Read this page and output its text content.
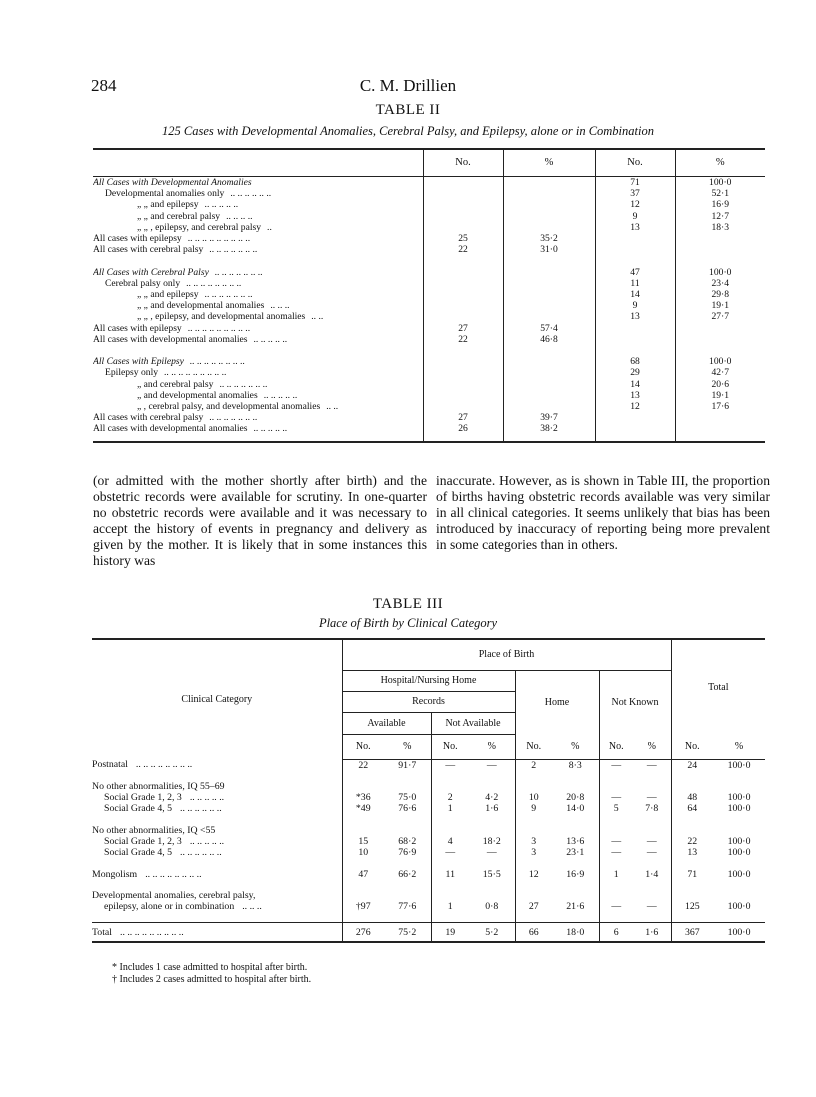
284	C. M. Drillien
TABLE II
125 Cases with Developmental Anomalies, Cerebral Palsy, and Epilepsy, alone or in Combination
	No.	%	No.	%
All Cases with Developmental Anomalies			71	100·0
Developmental anomalies only .. .. .. .. .. ..			37	52·1
„ „ and epilepsy .. .. .. .. ..			12	16·9
„ „ and cerebral palsy .. .. .. ..			9	12·7
„ „ , epilepsy, and cerebral palsy ..			13	18·3
All cases with epilepsy .. .. .. .. .. .. .. .. ..	25	35·2		
All cases with cerebral palsy .. .. .. .. .. .. ..	22	31·0		

All Cases with Cerebral Palsy .. .. .. .. .. .. ..			47	100·0
Cerebral palsy only .. .. .. .. .. .. .. ..			11	23·4
„ „ and epilepsy .. .. .. .. .. .. ..			14	29·8
„ „ and developmental anomalies .. .. ..			9	19·1
„ „ , epilepsy, and developmental anomalies .. ..			13	27·7
All cases with epilepsy .. .. .. .. .. .. .. .. ..	27	57·4		
All cases with developmental anomalies .. .. .. .. ..	22	46·8		

All Cases with Epilepsy .. .. .. .. .. .. .. ..			68	100·0
Epilepsy only .. .. .. .. .. .. .. .. ..			29	42·7
„ and cerebral palsy .. .. .. .. .. .. ..			14	20·6
„ and developmental anomalies .. .. .. .. ..			13	19·1
„ , cerebral palsy, and developmental anomalies .. ..			12	17·6
All cases with cerebral palsy .. .. .. .. .. .. ..	27	39·7		
All cases with developmental anomalies .. .. .. .. ..	26	38·2		

(or admitted with the mother shortly after birth) and the obstetric records were available for scrutiny. In one-quarter no obstetric records were available and it was necessary to accept the history of events in pregnancy and delivery as given by the mother. It is likely that in some instances this history was
inaccurate. However, as is shown in Table III, the proportion of births having obstetric records available was very similar in all clinical categories. It seems unlikely that bias has been introduced by inaccuracy of reporting being more prevalent in some categories than in others.
TABLE III
Place of Birth by Clinical Category
Clinical Category	Place of Birth								Total	
	Hospital/Nursing Home				Home		Not Known			
	Records									
	Available		Not Available							
	No.	%	No.	%	No.	%	No.	%	No.	%
Postnatal .. .. .. .. .. .. .. ..	22	91·7	—	—	2	8·3	—	—	24	100·0

No other abnormalities, IQ 55–69										
Social Grade 1, 2, 3 .. .. .. .. ..	*36	75·0	2	4·2	10	20·8	—	—	48	100·0
Social Grade 4, 5 .. .. .. .. .. ..	*49	76·6	1	1·6	9	14·0	5	7·8	64	100·0

No other abnormalities, IQ <55										
Social Grade 1, 2, 3 .. .. .. .. ..	15	68·2	4	18·2	3	13·6	—	—	22	100·0
Social Grade 4, 5 .. .. .. .. .. ..	10	76·9	—	—	3	23·1	—	—	13	100·0

Mongolism .. .. .. .. .. .. .. ..	47	66·2	11	15·5	12	16·9	1	1·4	71	100·0

Developmental anomalies, cerebral palsy,										
epilepsy, alone or in combination .. .. ..	†97	77·6	1	0·8	27	21·6	—	—	125	100·0

Total .. .. .. .. .. .. .. .. ..	276	75·2	19	5·2	66	18·0	6	1·6	367	100·0
* Includes 1 case admitted to hospital after birth.
† Includes 2 cases admitted to hospital after birth.
